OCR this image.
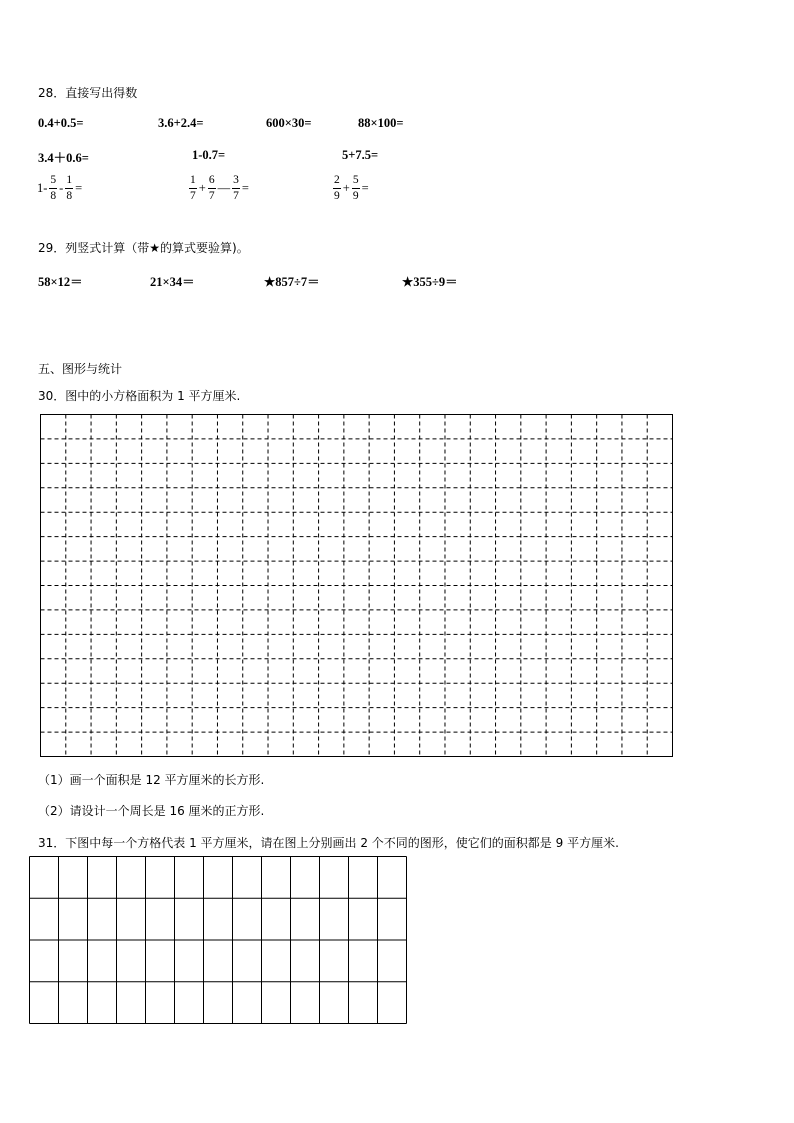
28．直接写出得数
0.4+0.5=	3.6+2.4=	600×30=	88×100=
3.4＋0.6=	1-0.7=	5+7.5=
$1- \frac{5}{8} - \frac{1}{8}$ =	$\frac{1}{7} + \frac{6}{7}$ — $\frac{3}{7}$ =	$\frac{2}{9} + \frac{5}{9}$ =
29．列竖式计算（带★的算式要验算)。
58×12＝	21×34＝	★857÷7＝	★355÷9＝
五、图形与统计
30．图中的小方格面积为 1 平方厘米.
（1）画一个面积是 12 平方厘米的长方形.
（2）请设计一个周长是 16 厘米的正方形.
31．下图中每一个方格代表 1 平方厘米，请在图上分别画出 2 个不同的图形，使它们的面积都是 9 平方厘米.
